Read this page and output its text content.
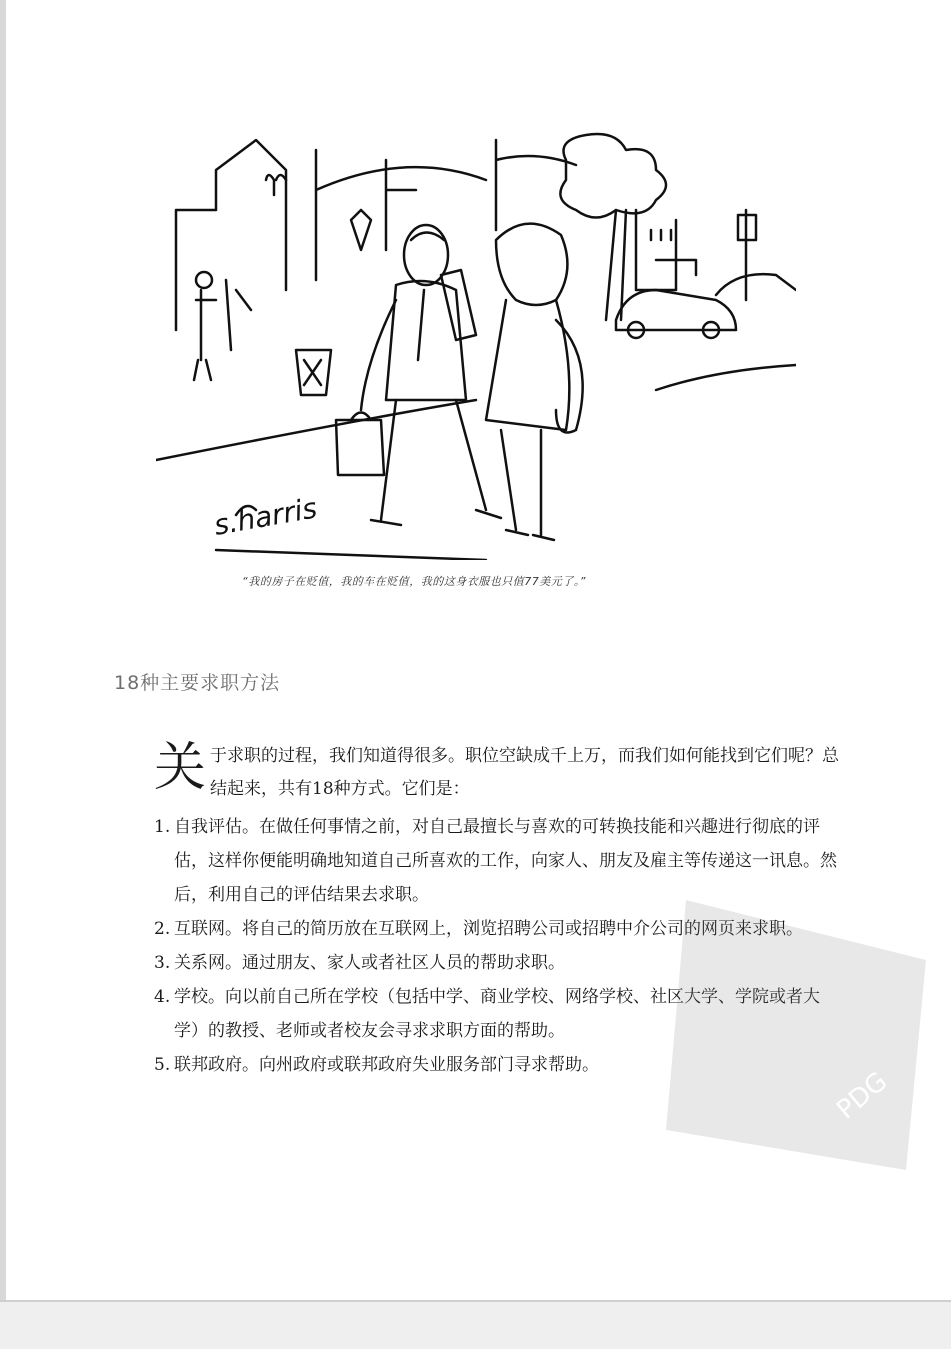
s.harris
“我的房子在贬值，我的车在贬值，我的这身衣服也只值77美元了。”
18种主要求职方法
关 于求职的过程，我们知道得很多。职位空缺成千上万，而我们如何能找到它们呢？总结起来，共有18种方式。它们是：
1. 自我评估。在做任何事情之前，对自己最擅长与喜欢的可转换技能和兴趣进行彻底的评估，这样你便能明确地知道自己所喜欢的工作，向家人、朋友及雇主等传递这一讯息。然后，利用自己的评估结果去求职。
2. 互联网。将自己的简历放在互联网上，浏览招聘公司或招聘中介公司的网页来求职。
3. 关系网。通过朋友、家人或者社区人员的帮助求职。
4. 学校。向以前自己所在学校（包括中学、商业学校、网络学校、社区大学、学院或者大学）的教授、老师或者校友会寻求求职方面的帮助。
5. 联邦政府。向州政府或联邦政府失业服务部门寻求帮助。
PDG
